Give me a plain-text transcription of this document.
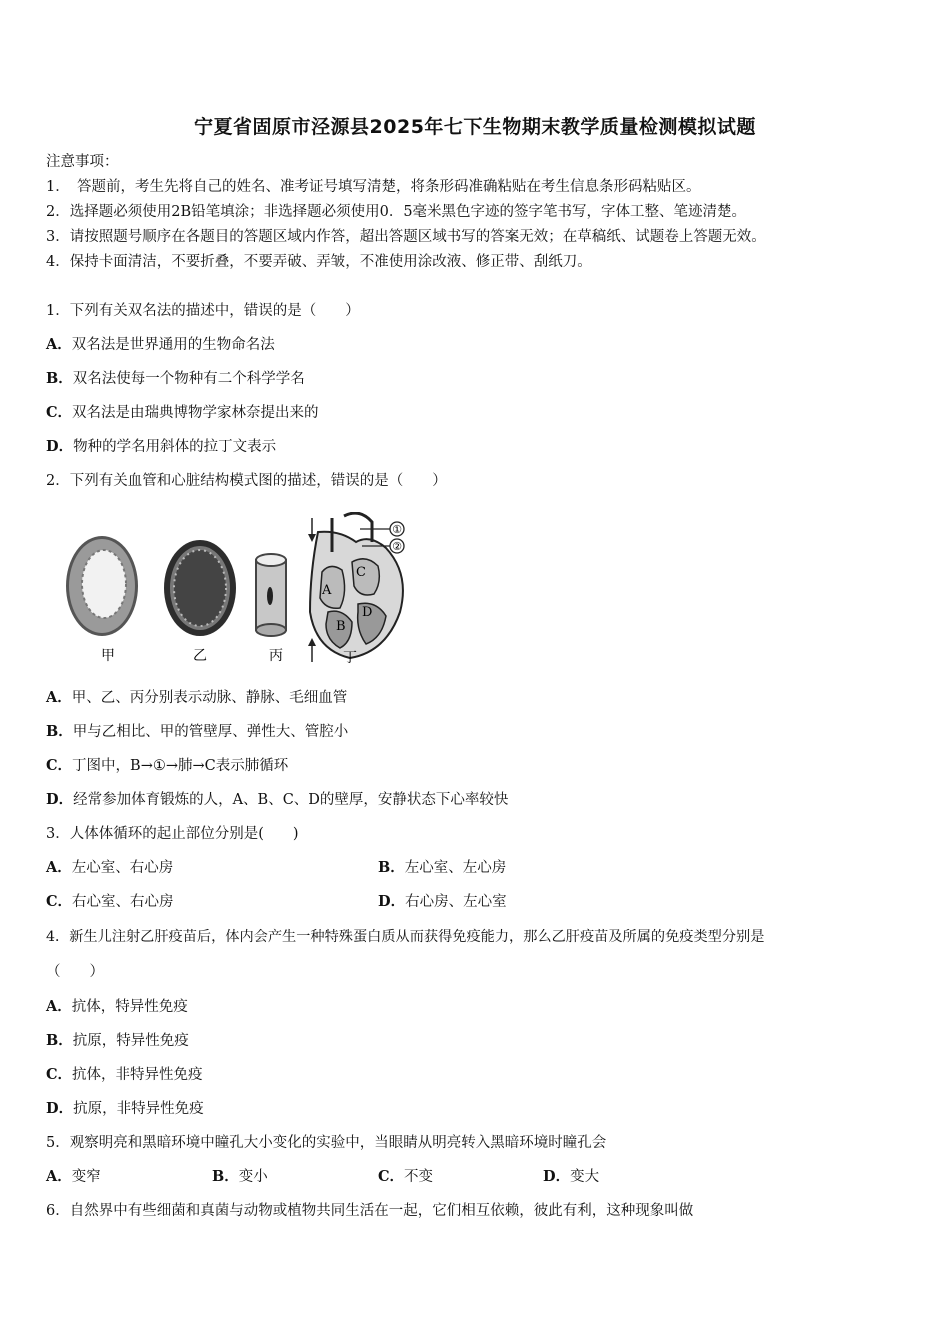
宁夏省固原市泾源县2025年七下生物期末教学质量检测模拟试题
注意事项：
1．　答题前，考生先将自己的姓名、准考证号填写清楚，将条形码准确粘贴在考生信息条形码粘贴区。
2．选择题必须使用2B铅笔填涂；非选择题必须使用0．5毫米黑色字迹的签字笔书写，字体工整、笔迹清楚。
3．请按照题号顺序在各题目的答题区域内作答，超出答题区域书写的答案无效；在草稿纸、试题卷上答题无效。
4．保持卡面清洁，不要折叠，不要弄破、弄皱，不准使用涂改液、修正带、刮纸刀。
1．下列有关双名法的描述中，错误的是（　　）
A．双名法是世界通用的生物命名法
B．双名法使每一个物种有二个科学学名
C．双名法是由瑞典博物学家林奈提出来的
D．物种的学名用斜体的拉丁文表示
2．下列有关血管和心脏结构模式图的描述，错误的是（　　）
①
②
A
B
C
D
甲	乙	丙	丁
A．甲、乙、丙分别表示动脉、静脉、毛细血管
B．甲与乙相比、甲的管壁厚、弹性大、管腔小
C．丁图中，B→①→肺→C表示肺循环
D．经常参加体育锻炼的人，A、B、C、D的壁厚，安静状态下心率较快
3．人体体循环的起止部位分别是(　　)
A．左心室、右心房	B．左心室、左心房
C．右心室、右心房	D．右心房、左心室
4．新生儿注射乙肝疫苗后，体内会产生一种特殊蛋白质从而获得免疫能力，那么乙肝疫苗及所属的免疫类型分别是
（　　）
A．抗体，特异性免疫
B．抗原，特异性免疫
C．抗体，非特异性免疫
D．抗原，非特异性免疫
5．观察明亮和黑暗环境中瞳孔大小变化的实验中，当眼睛从明亮转入黑暗环境时瞳孔会
A．变窄	B．变小	C．不变	D．变大
6．自然界中有些细菌和真菌与动物或植物共同生活在一起，它们相互依赖，彼此有利，这种现象叫做
